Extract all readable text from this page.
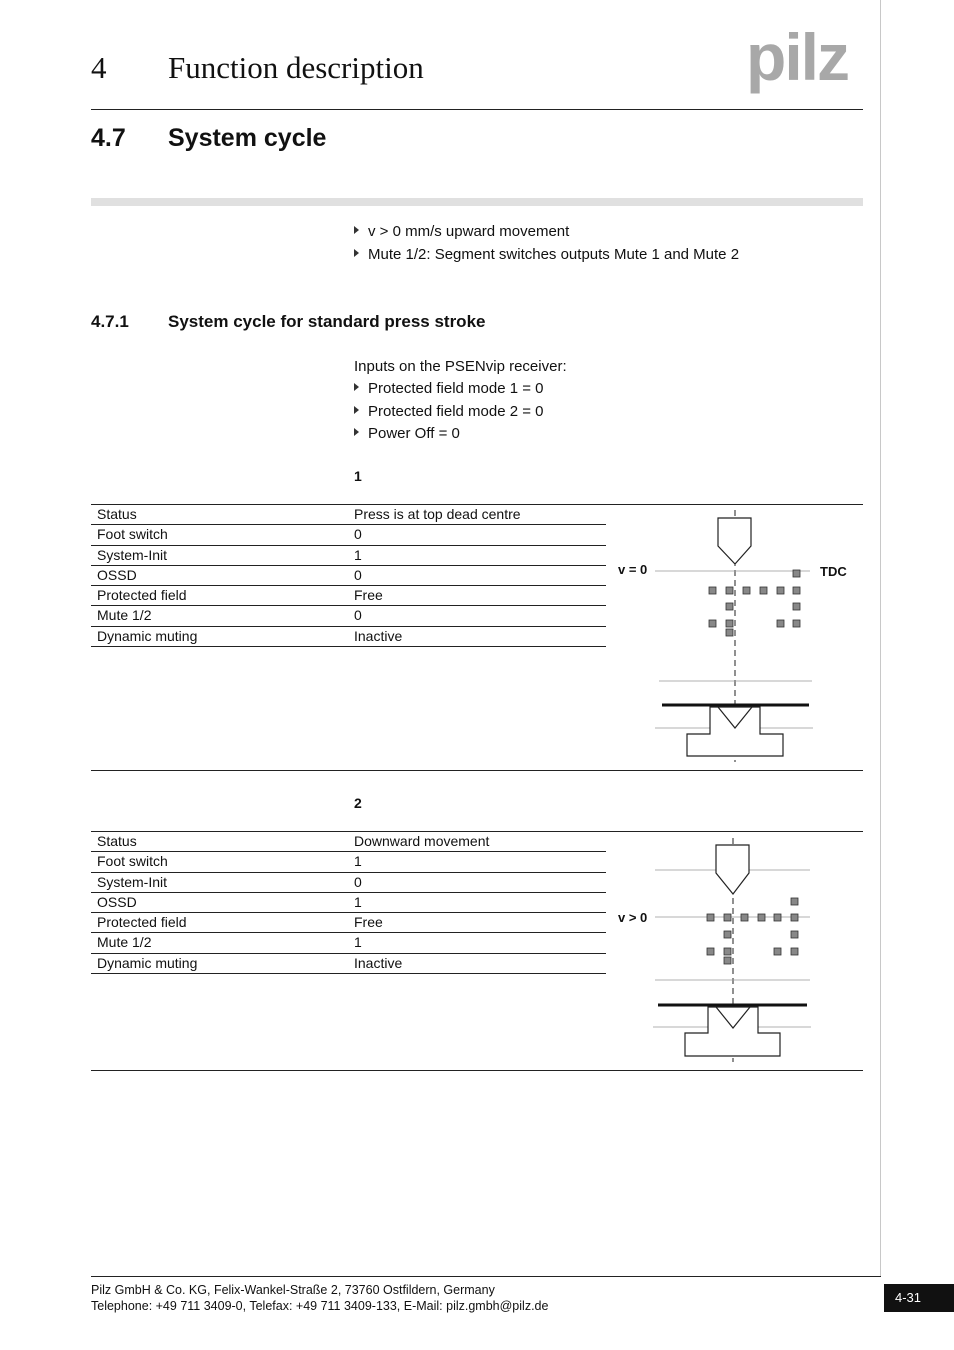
4 Function description	pilz
4.7 System cycle
v > 0 mm/s upward movement
Mute 1/2: Segment switches outputs Mute 1 and Mute 2
4.7.1 System cycle for standard press stroke
Inputs on the PSENvip receiver:
Protected field mode 1 = 0
Protected field mode 2 = 0
Power Off = 0
1
Status	Press is at top dead centre
Foot switch	0
System-Init	1
OSSD	0
Protected field	Free
Mute 1/2	0
Dynamic muting	Inactive
v = 0	TDC
2
Status	Downward movement
Foot switch	1
System-Init	0
OSSD	1
Protected field	Free
Mute 1/2	1
Dynamic muting	Inactive
v > 0
Pilz GmbH & Co. KG, Felix-Wankel-Straße 2, 73760 Ostfildern, Germany
Telephone: +49 711 3409-0, Telefax: +49 711 3409-133, E-Mail: pilz.gmbh@pilz.de
4-31
